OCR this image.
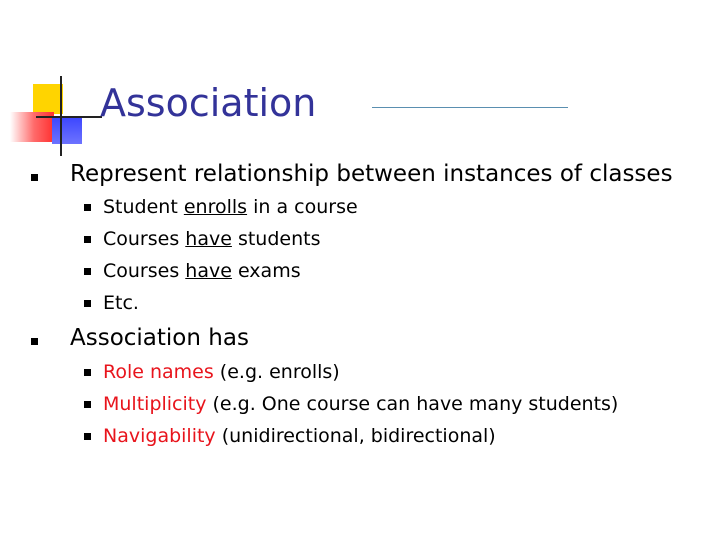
Association
Represent relationship between instances of classes
Student enrolls in a course
Courses have students
Courses have exams
Etc.
Association has
Role names (e.g. enrolls)
Multiplicity (e.g. One course can have many students)
Navigability (unidirectional, bidirectional)
